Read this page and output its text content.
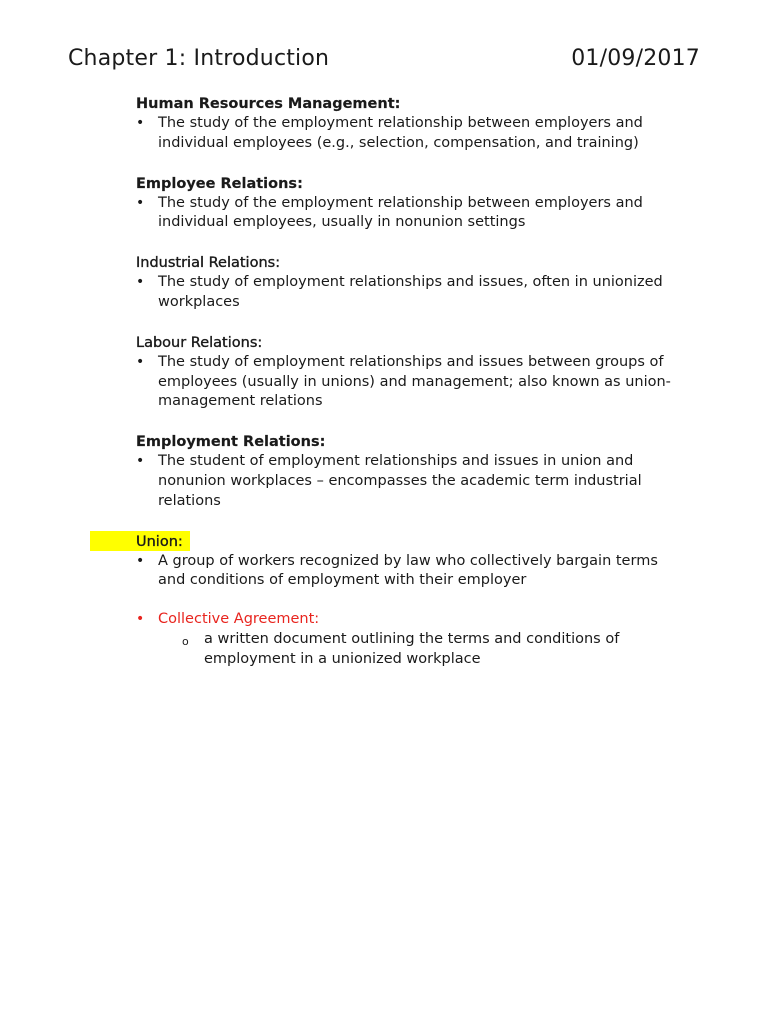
Chapter 1: Introduction	01/09/2017
Human Resources Management:
• The study of the employment relationship between employers and individual employees (e.g., selection, compensation, and training)
Employee Relations:
• The study of the employment relationship between employers and individual employees, usually in nonunion settings
Industrial Relations:
• The study of employment relationships and issues, often in unionized workplaces
Labour Relations:
• The study of employment relationships and issues between groups of employees (usually in unions) and management; also known as union-management relations
Employment Relations:
• The student of employment relationships and issues in union and nonunion workplaces – encompasses the academic term industrial relations
Union:
• A group of workers recognized by law who collectively bargain terms and conditions of employment with their employer
• Collective Agreement:
o a written document outlining the terms and conditions of employment in a unionized workplace
